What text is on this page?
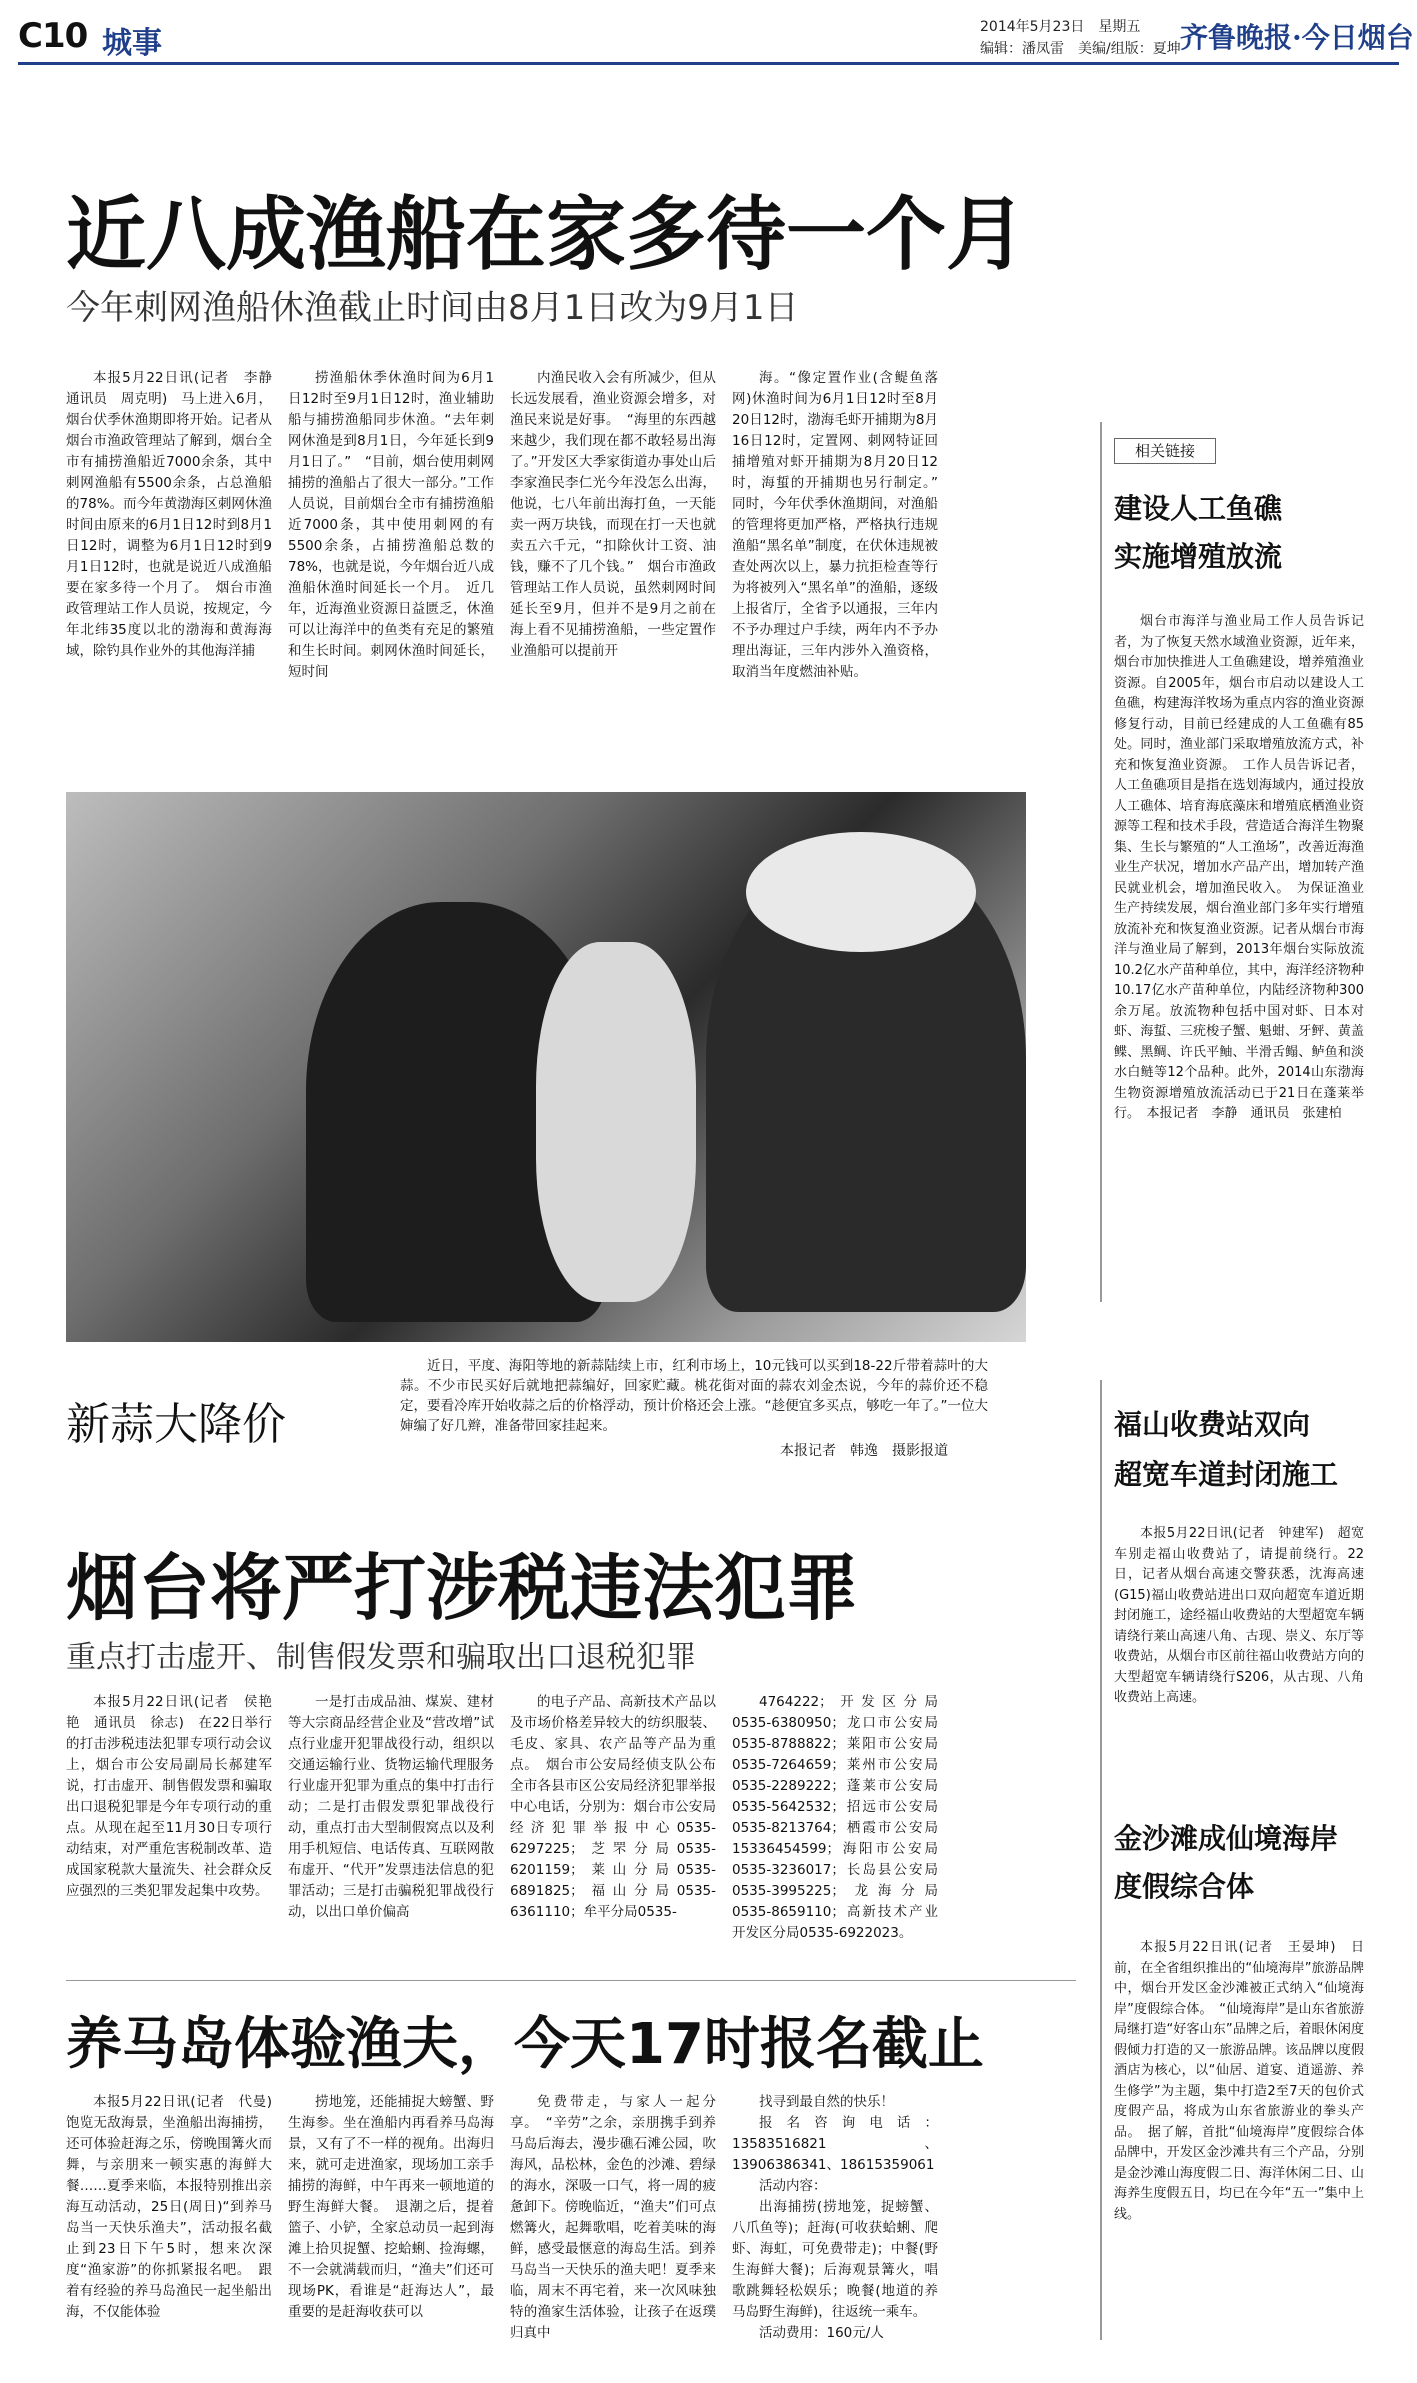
C10 城事	2014年5月23日　星期五
编辑：潘凤雷　美编/组版：夏坤 齐鲁晚报·今日烟台
近八成渔船在家多待一个月
今年刺网渔船休渔截止时间由8月1日改为9月1日

本报5月22日讯(记者　李静　通讯员　周克明)　马上进入6月，烟台伏季休渔期即将开始。记者从烟台市渔政管理站了解到，烟台全市有捕捞渔船近7000余条，其中刺网渔船有5500余条，占总渔船的78%。而今年黄渤海区刺网休渔时间由原来的6月1日12时到8月1日12时，调整为6月1日12时到9月1日12时，也就是说近八成渔船要在家多待一个月了。　烟台市渔政管理站工作人员说，按规定，今年北纬35度以北的渤海和黄海海域，除钓具作业外的其他海洋捕

捞渔船休季休渔时间为6月1日12时至9月1日12时，渔业辅助船与捕捞渔船同步休渔。“去年刺网休渔是到8月1日，今年延长到9月1日了。”　“目前，烟台使用刺网捕捞的渔船占了很大一部分。”工作人员说，目前烟台全市有捕捞渔船近7000条，其中使用刺网的有5500余条，占捕捞渔船总数的78%，也就是说，今年烟台近八成渔船休渔时间延长一个月。　近几年，近海渔业资源日益匮乏，休渔可以让海洋中的鱼类有充足的繁殖和生长时间。刺网休渔时间延长，短时间

内渔民收入会有所减少，但从长远发展看，渔业资源会增多，对渔民来说是好事。　“海里的东西越来越少，我们现在都不敢轻易出海了。”开发区大季家街道办事处山后李家渔民李仁光今年没怎么出海，他说，七八年前出海打鱼，一天能卖一两万块钱，而现在打一天也就卖五六千元，“扣除伙计工资、油钱，赚不了几个钱。”　烟台市渔政管理站工作人员说，虽然刺网时间延长至9月，但并不是9月之前在海上看不见捕捞渔船，一些定置作业渔船可以提前开

海。“像定置作业(含鳀鱼落网)休渔时间为6月1日12时至8月20日12时，渤海毛虾开捕期为8月16日12时，定置网、刺网特证回捕增殖对虾开捕期为8月20日12时，海蜇的开捕期也另行制定。”　同时，今年伏季休渔期间，对渔船的管理将更加严格，严格执行违规渔船“黑名单”制度，在伏休违规被查处两次以上，暴力抗拒检查等行为将被列入“黑名单”的渔船，逐级上报省厅，全省予以通报，三年内不予办理过户手续，两年内不予办理出海证，三年内涉外入渔资格，取消当年度燃油补贴。

相关链接
建设人工鱼礁
实施增殖放流

烟台市海洋与渔业局工作人员告诉记者，为了恢复天然水域渔业资源，近年来，烟台市加快推进人工鱼礁建设，增养殖渔业资源。自2005年，烟台市启动以建设人工鱼礁，构建海洋牧场为重点内容的渔业资源修复行动，目前已经建成的人工鱼礁有85处。同时，渔业部门采取增殖放流方式，补充和恢复渔业资源。　工作人员告诉记者，人工鱼礁项目是指在选划海域内，通过投放人工礁体、培育海底藻床和增殖底栖渔业资源等工程和技术手段，营造适合海洋生物聚集、生长与繁殖的“人工渔场”，改善近海渔业生产状况，增加水产品产出，增加转产渔民就业机会，增加渔民收入。　为保证渔业生产持续发展，烟台渔业部门多年实行增殖放流补充和恢复渔业资源。记者从烟台市海洋与渔业局了解到，2013年烟台实际放流10.2亿水产苗种单位，其中，海洋经济物种10.17亿水产苗种单位，内陆经济物种300余万尾。放流物种包括中国对虾、日本对虾、海蜇、三疣梭子蟹、魁蚶、牙鲆、黄盖鲽、黑鲷、许氏平鲉、半滑舌鳎、鲈鱼和淡水白鲢等12个品种。此外，2014山东渤海生物资源增殖放流活动已于21日在蓬莱举行。　本报记者　李静　通讯员　张建柏

新蒜大降价

近日，平度、海阳等地的新蒜陆续上市，红利市场上，10元钱可以买到18-22斤带着蒜叶的大蒜。不少市民买好后就地把蒜编好，回家贮藏。桃花街对面的蒜农刘金杰说，今年的蒜价还不稳定，要看冷库开始收蒜之后的价格浮动，预计价格还会上涨。“趁便宜多买点，够吃一年了。”一位大婶编了好几辫，准备带回家挂起来。

本报记者　韩逸　摄影报道
福山收费站双向
超宽车道封闭施工

本报5月22日讯(记者　钟建军)　超宽车别走福山收费站了，请提前绕行。22日，记者从烟台高速交警获悉，沈海高速(G15)福山收费站进出口双向超宽车道近期封闭施工，途经福山收费站的大型超宽车辆请绕行莱山高速八角、古现、崇义、东厅等收费站，从烟台市区前往福山收费站方向的大型超宽车辆请绕行S206，从古现、八角收费站上高速。

烟台将严打涉税违法犯罪
重点打击虚开、制售假发票和骗取出口退税犯罪

本报5月22日讯(记者　侯艳艳　通讯员　徐志)　在22日举行的打击涉税违法犯罪专项行动会议上，烟台市公安局副局长郝建军说，打击虚开、制售假发票和骗取出口退税犯罪是今年专项行动的重点。从现在起至11月30日专项行动结束，对严重危害税制改革、造成国家税款大量流失、社会群众反应强烈的三类犯罪发起集中攻势。

一是打击成品油、煤炭、建材等大宗商品经营企业及“营改增”试点行业虚开犯罪战役行动，组织以交通运输行业、货物运输代理服务行业虚开犯罪为重点的集中打击行动；二是打击假发票犯罪战役行动，重点打击大型制假窝点以及利用手机短信、电话传真、互联网散布虚开、“代开”发票违法信息的犯罪活动；三是打击骗税犯罪战役行动，以出口单价偏高

的电子产品、高新技术产品以及市场价格差异较大的纺织服装、毛皮、家具、农产品等产品为重点。　烟台市公安局经侦支队公布全市各县市区公安局经济犯罪举报中心电话，分别为：烟台市公安局经济犯罪举报中心0535-6297225；芝罘分局0535-6201159；莱山分局0535-6891825；福山分局0535-6361110；牟平分局0535-

4764222；开发区分局0535-6380950；龙口市公安局0535-8788822；莱阳市公安局0535-7264659；莱州市公安局0535-2289222；蓬莱市公安局0535-5642532；招远市公安局0535-8213764；栖霞市公安局15336454599；海阳市公安局0535-3236017；长岛县公安局0535-3995225；龙海分局0535-8659110；高新技术产业开发区分局0535-6922023。

金沙滩成仙境海岸
度假综合体

本报5月22日讯(记者　王晏坤)　日前，在全省组织推出的“仙境海岸”旅游品牌中，烟台开发区金沙滩被正式纳入“仙境海岸”度假综合体。　“仙境海岸”是山东省旅游局继打造“好客山东”品牌之后，着眼休闲度假倾力打造的又一旅游品牌。该品牌以度假酒店为核心，以“仙居、道宴、逍遥游、养生修学”为主题，集中打造2至7天的包价式度假产品，将成为山东省旅游业的拳头产品。　据了解，首批“仙境海岸”度假综合体品牌中，开发区金沙滩共有三个产品，分别是金沙滩山海度假二日、海洋休闲二日、山海养生度假五日，均已在今年“五一”集中上线。

养马岛体验渔夫，今天17时报名截止

本报5月22日讯(记者　代曼)　饱览无敌海景，坐渔船出海捕捞，还可体验赶海之乐，傍晚围篝火而舞，与亲朋来一顿实惠的海鲜大餐……夏季来临，本报特别推出亲海互动活动，25日(周日)“到养马岛当一天快乐渔夫”，活动报名截止到23日下午5时，想来次深度“渔家游”的你抓紧报名吧。　跟着有经验的养马岛渔民一起坐船出海，不仅能体验

捞地笼，还能捕捉大螃蟹、野生海参。坐在渔船内再看养马岛海景，又有了不一样的视角。出海归来，就可走进渔家，现场加工亲手捕捞的海鲜，中午再来一顿地道的野生海鲜大餐。　退潮之后，提着篮子、小铲，全家总动员一起到海滩上拾贝捉蟹、挖蛤蜊、捡海螺，不一会就满载而归，“渔夫”们还可现场PK，看谁是“赶海达人”，最重要的是赶海收获可以

免费带走，与家人一起分享。　“辛劳”之余，亲朋携手到养马岛后海去，漫步礁石滩公园，吹海风，品松林，金色的沙滩、碧绿的海水，深吸一口气，将一周的疲惫卸下。傍晚临近，“渔夫”们可点燃篝火，起舞歌唱，吃着美味的海鲜，感受最惬意的海岛生活。到养马岛当一天快乐的渔夫吧！夏季来临，周末不再宅着，来一次风味独特的渔家生活体验，让孩子在返璞归真中

找寻到最自然的快乐！

报名咨询电话：13583516821、13906386341、18615359061

活动内容：

出海捕捞(捞地笼，捉螃蟹、八爪鱼等)；赶海(可收获蛤蜊、爬虾、海虹，可免费带走)；中餐(野生海鲜大餐)；后海观景篝火，唱歌跳舞轻松娱乐；晚餐(地道的养马岛野生海鲜)，往返统一乘车。

活动费用：160元/人
